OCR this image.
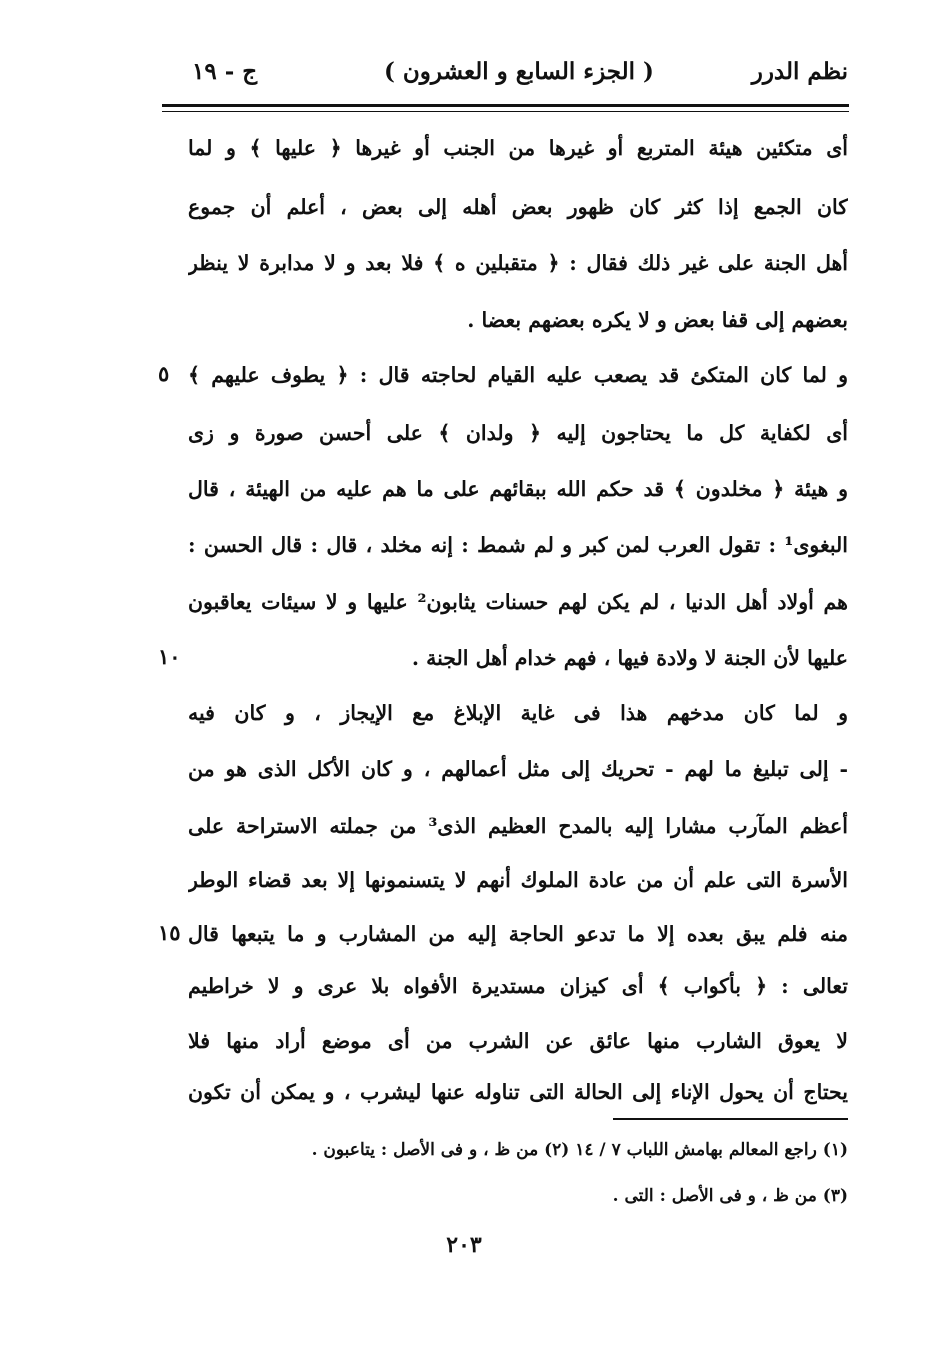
نظم الدرر
( الجزء السابع و العشرون )
ج - ١٩
أى متكئين هيئة المتربع أو غيرها من الجنب أو غيرها ﴿ عليها ﴾ و لما
كان الجمع إذا كثر كان ظهور بعض أهله إلى بعض ، أعلم أن جموع
أهل الجنة على غير ذلك فقال : ﴿ متقبلين ه ﴾ فلا بعد و لا مدابرة لا ينظر
بعضهم إلى قفا بعض و لا يكره بعضهم بعضا .
و لما كان المتكئ قد يصعب عليه القيام لحاجته قال : ﴿ يطوف عليهم ﴾
أى لكفاية كل ما يحتاجون إليه ﴿ ولدان ﴾ على أحسن صورة و زى
و هيئة ﴿ مخلدون ﴾ قد حكم الله ببقائهم على ما هم عليه من الهيئة ، قال
البغوى¹ : تقول العرب لمن كبر و لم شمط : إنه مخلد ، قال : قال الحسن :
هم أولاد أهل الدنيا ، لم يكن لهم حسنات يثابون² عليها و لا سيئات يعاقبون
عليها لأن الجنة لا ولادة فيها ، فهم خدام أهل الجنة .
و لما كان مدخهم هذا فى غاية الإبلاغ مع الإيجاز ، و كان فيه
- إلى تبليغ ما لهم - تحريك إلى مثل أعمالهم ، و كان الأكل الذى هو من
أعظم المآرب مشارا إليه بالمدح العظيم الذى³ من جملته الاستراحة على
الأسرة التى علم أن من عادة الملوك أنهم لا يتسنمونها إلا بعد قضاء الوطر
منه فلم يبق بعده إلا ما تدعو الحاجة إليه من المشارب و ما يتبعها قال
تعالى : ﴿ بأكواب ﴾ أى كيزان مستديرة الأفواه بلا عرى و لا خراطيم
لا يعوق الشارب منها عائق عن الشرب من أى موضع أراد منها فلا
يحتاج أن يحول الإناء إلى الحالة التى تناوله عنها ليشرب ، و يمكن أن تكون
٥
١٠
١٥
(١) راجع المعالم بهامش اللباب ٧ / ١٤ (٢) من ظ ، و فى الأصل : يتاعبون .
(٣) من ظ ، و فى الأصل : التى .
٢٠٣
